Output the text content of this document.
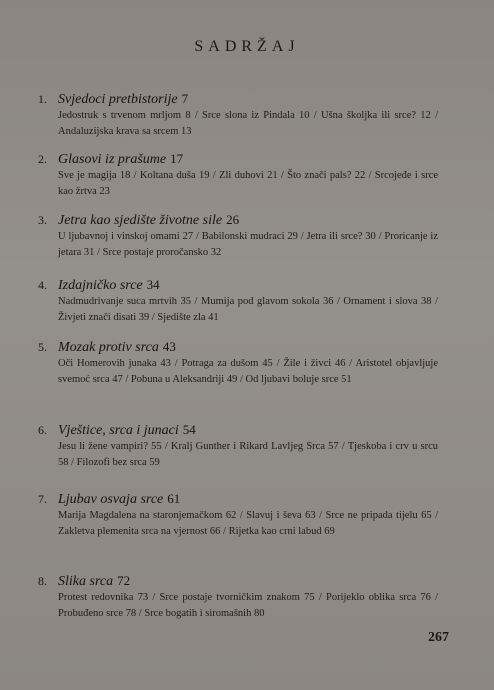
SADRŽAJ
1. Svjedoci pretbistorije 7
Jedostruk s trvenom mrljom 8 / Srce slona iz Pindala 10 / Ušna školjka ili srce? 12 / Andaluzijska krava sa srcem 13
2. Glasovi iz prašume 17
Sve je magija 18 / Koltana duša 19 / Zli duhovi 21 / Što znači pals? 22 / Srcojeđe i srce kao žrtva 23
3. Jetra kao sjedište životne sile 26
U ljubavnoj i vinskoj omami 27 / Babilonski mudraci 29 / Jetra ili srce? 30 / Proricanje iz jetara 31 / Srce postaje proročansko 32
4. Izdajničko srce 34
Nadmudrivanje suca mrtvih 35 / Mumija pod glavom sokola 36 / Ornament i slova 38 / Živjeti znači disati 39 / Sjedište zla 41
5. Mozak protiv srca 43
Oči Homerovih junaka 43 / Potraga za dušom 45 / Žile i živci 46 / Aristotel objavljuje svemoć srca 47 / Pobuna u Aleksandriji 49 / Od ljubavi boluje srce 51
6. Vještice, srca i junaci 54
Jesu li žene vampiri? 55 / Kralj Gunther i Rikard Lavljeg Srca 57 / Tjeskoba i crv u srcu 58 / Filozofi bez srca 59
7. Ljubav osvaja srce 61
Marija Magdalena na staronjemačkom 62 / Slavuj i ševa 63 / Srce ne pripada tijelu 65 / Zakletva plemenita srca na vjernost 66 / Rijetka kao crni labud 69
8. Slika srca 72
Protest redovnika 73 / Srce postaje tvorničkim znakom 75 / Porijeklo oblika srca 76 / Probuđeno srce 78 / Srce bogatih i siromašnih 80
267
